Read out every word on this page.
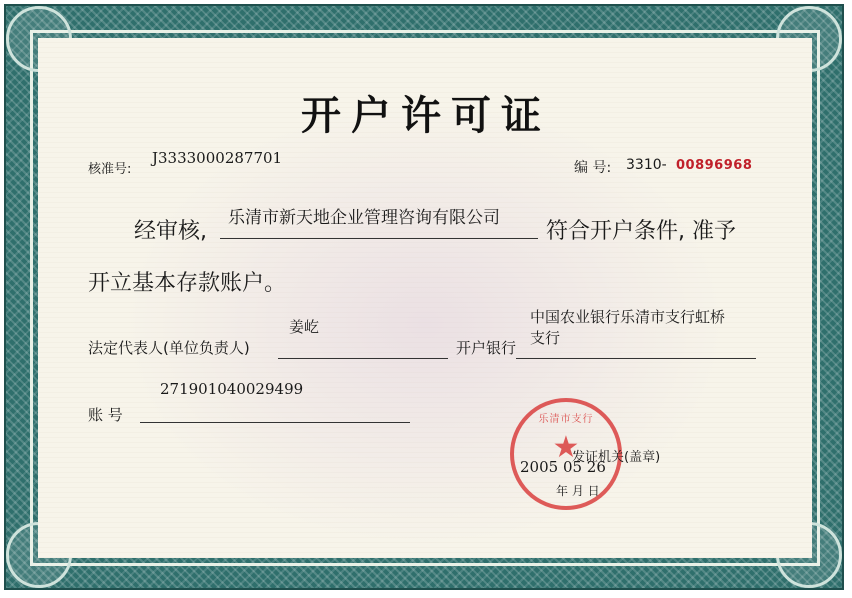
开户许可证
核准号:
J3333000287701
编 号: 3310- 00896968
经审核,
乐清市新天地企业管理咨询有限公司
符合开户条件, 准予
开立基本存款账户。
姜屹
法定代表人(单位负责人)
中国农业银行乐清市支行虹桥
支行
开户银行
271901040029499
账 号	乐清市支行
★
发证机关(盖章)
2005 05 26
年 月 日
